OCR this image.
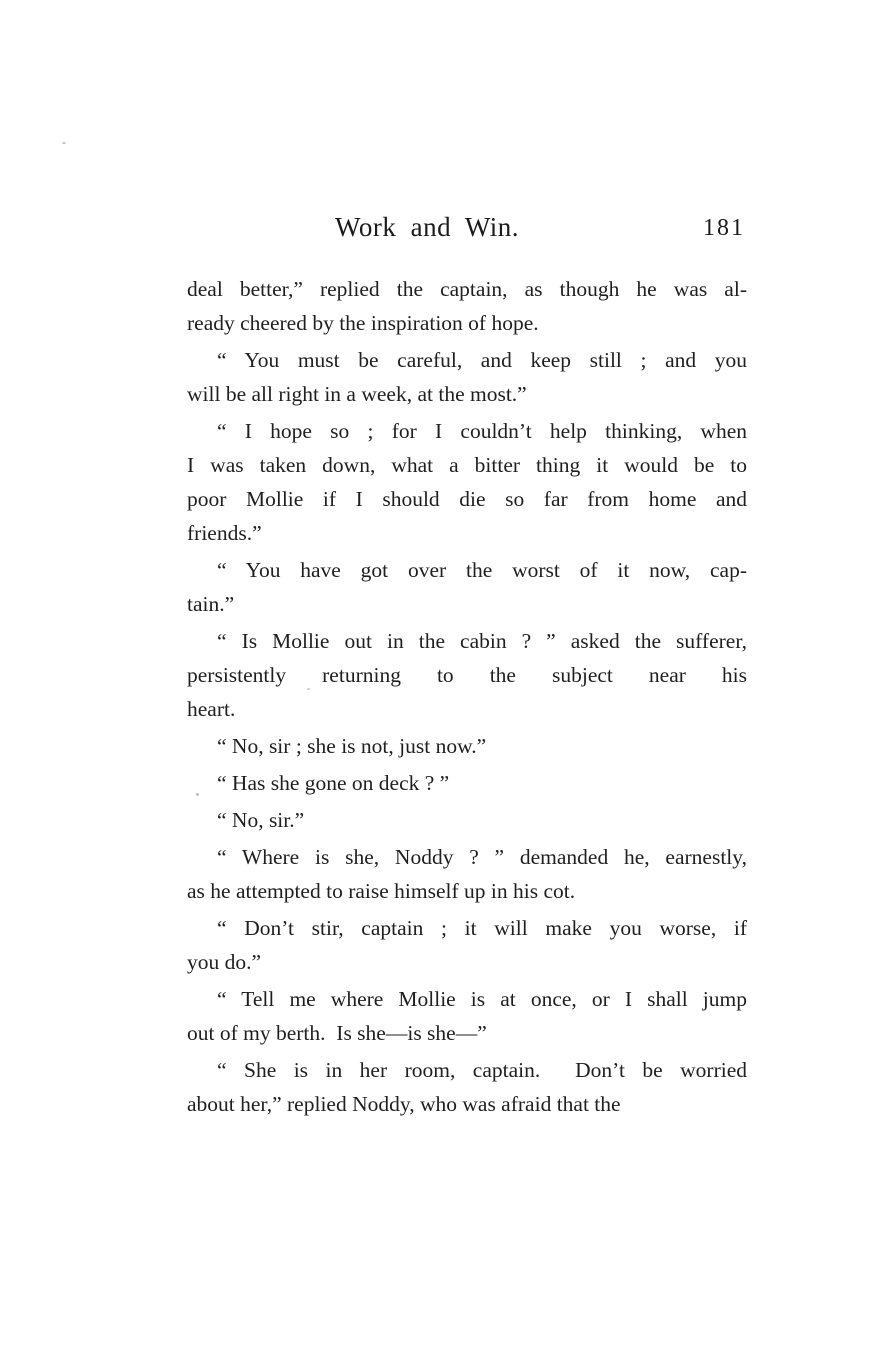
Work and Win.	181
deal better,” replied the captain, as though he was al-
ready cheered by the inspiration of hope.
“ You must be careful, and keep still ; and you
will be all right in a week, at the most.”
“ I hope so ; for I couldn’t help thinking, when
I was taken down, what a bitter thing it would be to
poor Mollie if I should die so far from home and
friends.”
“ You have got over the worst of it now, cap-
tain.”
“ Is Mollie out in the cabin ? ” asked the sufferer,
persistently returning to the subject near his
heart.
“ No, sir ; she is not, just now.”
“ Has she gone on deck ? ”
“ No, sir.”
“ Where is she, Noddy ? ” demanded he, earnestly,
as he attempted to raise himself up in his cot.
“ Don’t stir, captain ; it will make you worse, if
you do.”
“ Tell me where Mollie is at once, or I shall jump
out of my berth.  Is she—is she—”
“ She is in her room, captain.  Don’t be worried
about her,” replied Noddy, who was afraid that the
